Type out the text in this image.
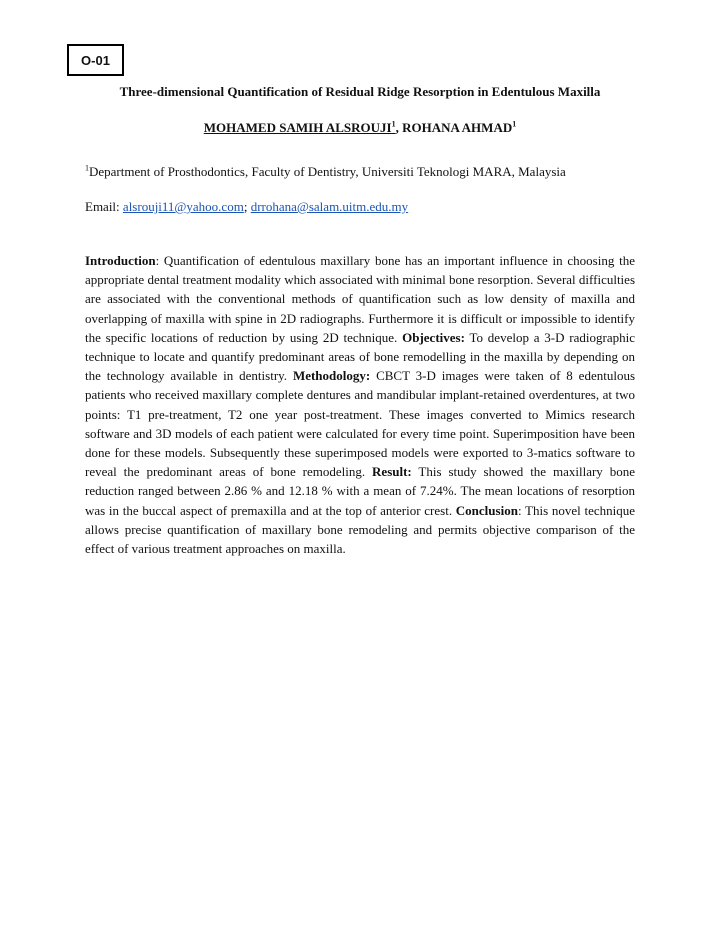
O-01
Three-dimensional Quantification of Residual Ridge Resorption in Edentulous Maxilla
MOHAMED SAMIH ALSROUJI$^1$, ROHANA AHMAD$^1$
$^1$Department of Prosthodontics, Faculty of Dentistry, Universiti Teknologi MARA, Malaysia
Email: alsrouji11@yahoo.com; drrohana@salam.uitm.edu.my

Introduction: Quantification of edentulous maxillary bone has an important influence in choosing the appropriate dental treatment modality which associated with minimal bone resorption. Several difficulties are associated with the conventional methods of quantification such as low density of maxilla and overlapping of maxilla with spine in 2D radiographs. Furthermore it is difficult or impossible to identify the specific locations of reduction by using 2D technique. Objectives: To develop a 3-D radiographic technique to locate and quantify predominant areas of bone remodelling in the maxilla by depending on the technology available in dentistry. Methodology: CBCT 3-D images were taken of 8 edentulous patients who received maxillary complete dentures and mandibular implant-retained overdentures, at two points: T1 pre-treatment, T2 one year post-treatment. These images converted to Mimics research software and 3D models of each patient were calculated for every time point. Superimposition have been done for these models. Subsequently these superimposed models were exported to 3-matics software to reveal the predominant areas of bone remodeling. Result: This study showed the maxillary bone reduction ranged between 2.86 % and 12.18 % with a mean of 7.24%. The mean locations of resorption was in the buccal aspect of premaxilla and at the top of anterior crest. Conclusion: This novel technique allows precise quantification of maxillary bone remodeling and permits objective comparison of the effect of various treatment approaches on maxilla.
